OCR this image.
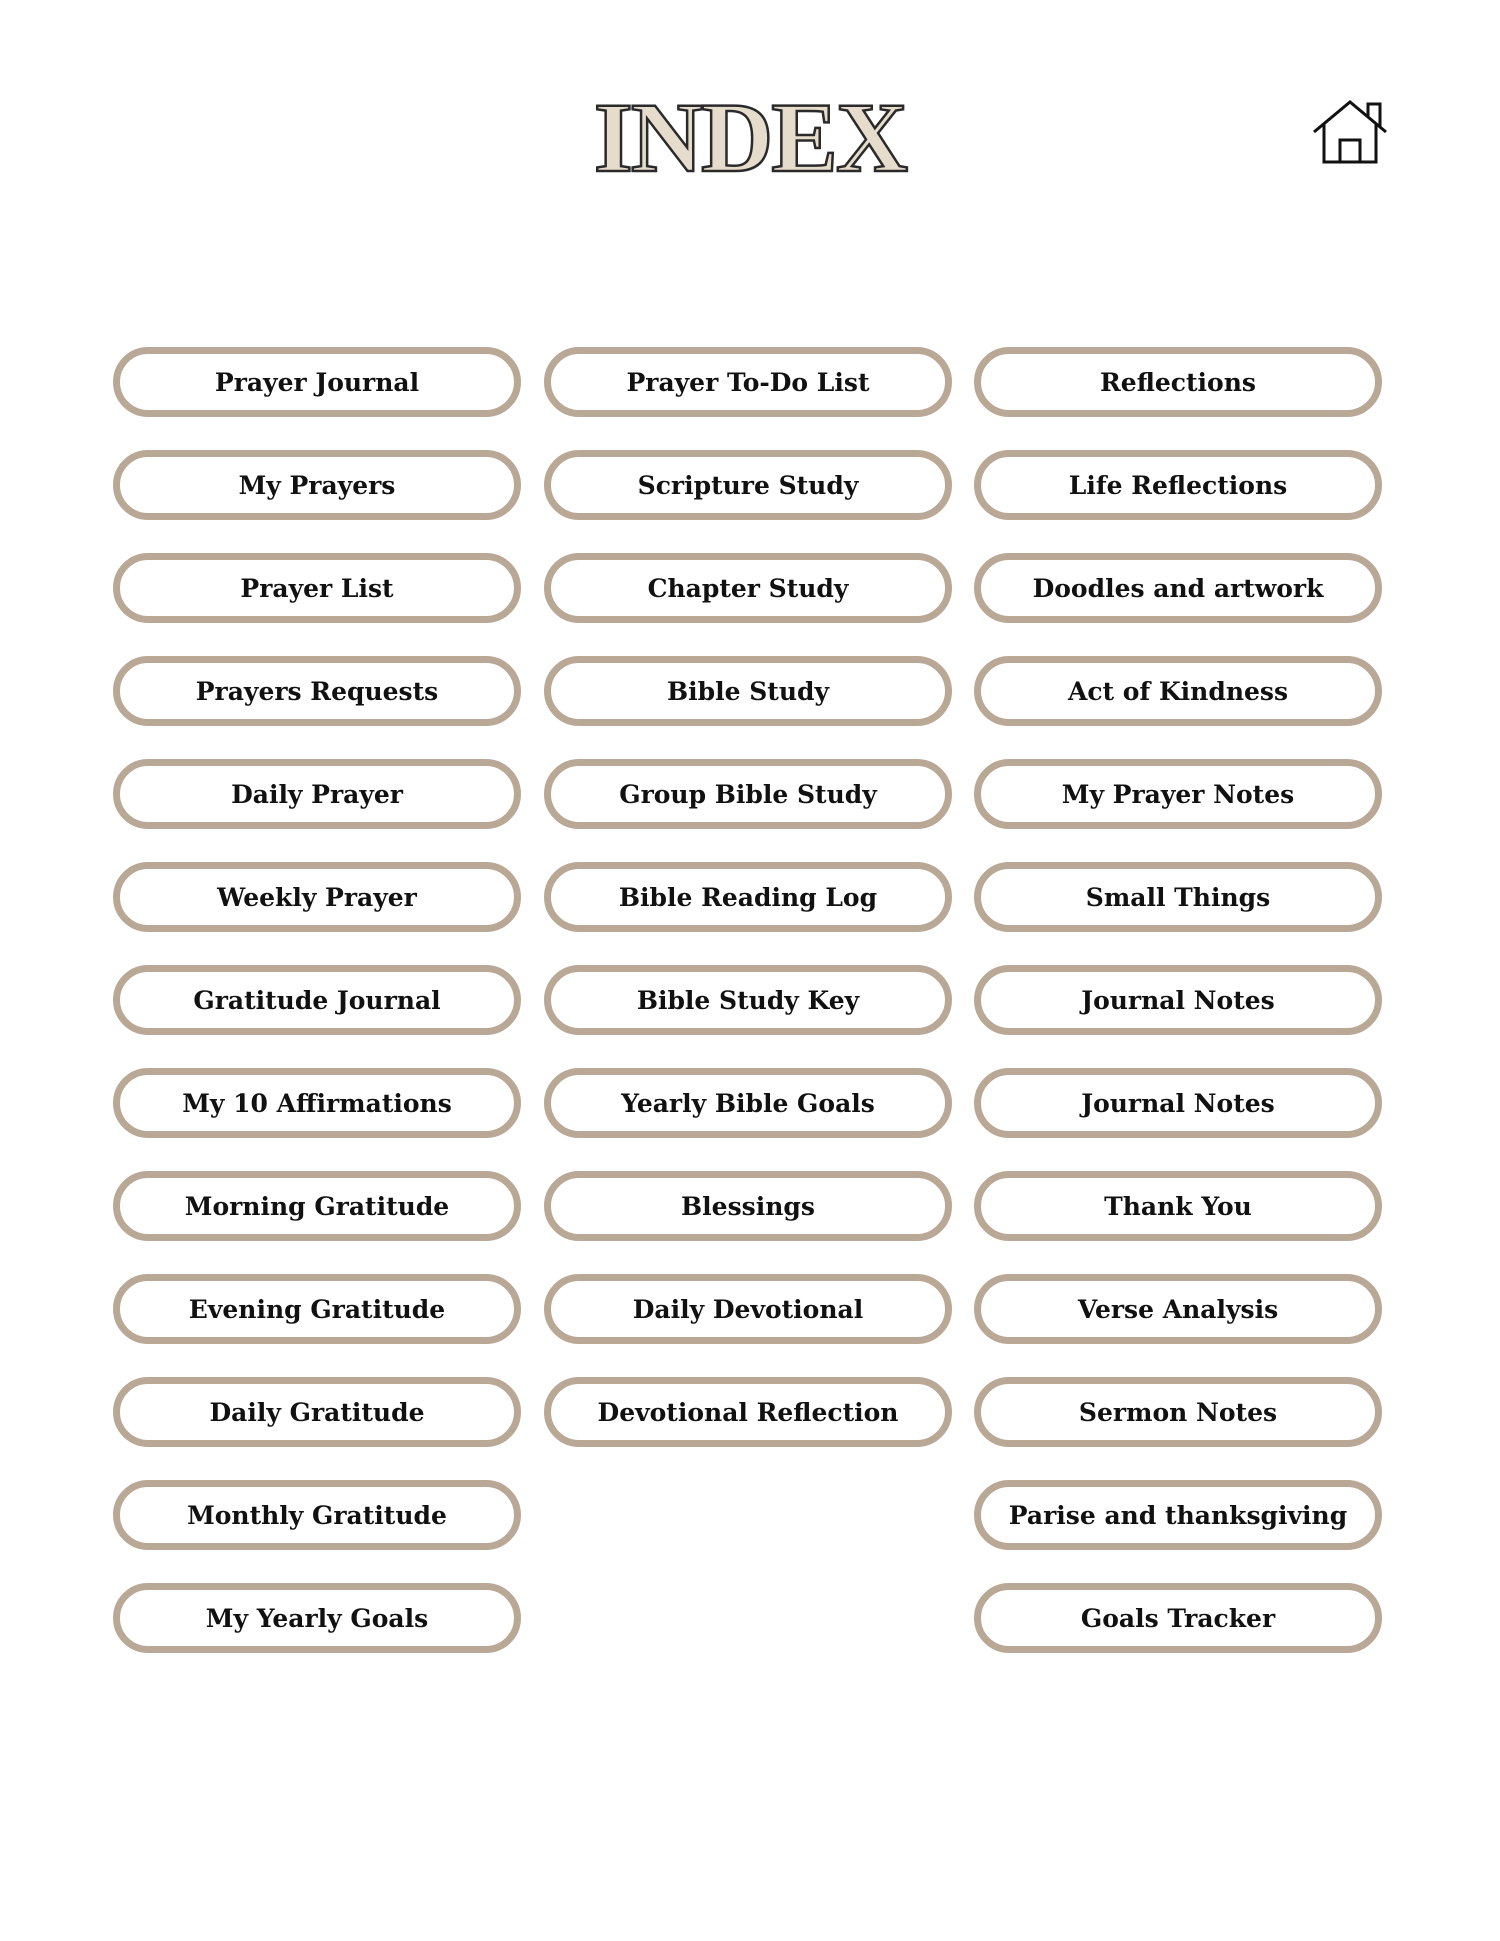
INDEX
Prayer Journal
My Prayers
Prayer List
Prayers Requests
Daily Prayer
Weekly Prayer
Gratitude Journal
My 10 Affirmations
Morning Gratitude
Evening Gratitude
Daily Gratitude
Monthly Gratitude
My Yearly Goals
Prayer To-Do List
Scripture Study
Chapter Study
Bible Study
Group Bible Study
Bible Reading Log
Bible Study Key
Yearly Bible Goals
Blessings
Daily Devotional
Devotional Reflection
Reflections
Life Reflections
Doodles and artwork
Act of Kindness
My Prayer Notes
Small Things
Journal Notes
Journal Notes
Thank You
Verse Analysis
Sermon Notes
Parise and thanksgiving
Goals Tracker
